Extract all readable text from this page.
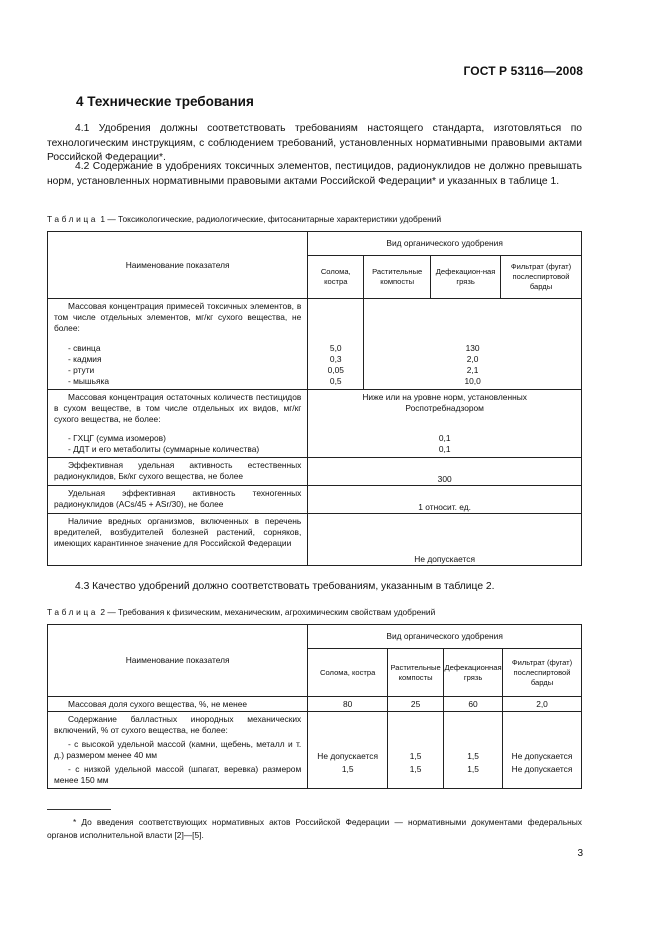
ГОСТ Р 53116—2008
4 Технические требования
4.1 Удобрения должны соответствовать требованиям настоящего стандарта, изготовляться по технологическим инструкциям, с соблюдением требований, установленных нормативными правовыми актами Российской Федерации*.
4.2 Содержание в удобрениях токсичных элементов, пестицидов, радионуклидов не должно превышать норм, установленных нормативными правовыми актами Российской Федерации* и указанных в таблице 1.
Таблица 1 — Токсикологические, радиологические, фитосанитарные характеристики удобрений
Наименование показателя	Вид органического удобрения			
	Солома, костра	Растительные компосты	Дефекацион-ная грязь	Фильтрат (фугат) послеспиртовой барды
Массовая концентрация примесей токсичных элементов, в том числе отдельных элементов, мг/кг сухого вещества, не более:				
- свинца	5,0	130		
- кадмия	0,3	2,0		
- ртути	0,05	2,1		
- мышьяка	0,5	10,0		
Массовая концентрация остаточных количеств пестицидов в сухом веществе, в том числе отдельных их видов, мг/кг сухого вещества, не более:	Ниже или на уровне норм, установленных Роспотребнадзором			
- ГХЦГ (сумма изомеров)	0,1			
- ДДТ и его метаболиты (суммарные количества)	0,1			
Эффективная удельная активность естественных радионуклидов, Бк/кг сухого вещества, не более	300			
Удельная эффективная активность техногенных радионуклидов (ACs/45 + ASr/30), не более	1 относит. ед.			
Наличие вредных организмов, включенных в перечень вредителей, возбудителей болезней растений, сорняков, имеющих карантинное значение для Российской Федерации	Не допускается			
4.3 Качество удобрений должно соответствовать требованиям, указанным в таблице 2.
Таблица 2 — Требования к физическим, механическим, агрохимическим свойствам удобрений
Наименование показателя	Вид органического удобрения			
	Солома, костра	Растительные компосты	Дефекационная грязь	Фильтрат (фугат) послеспиртовой барды
Массовая доля сухого вещества, %, не менее	80	25	60	2,0
Содержание балластных инородных механических включений, % от сухого вещества, не более:				
- с высокой удельной массой (камни, щебень, металл и т. д.) размером менее 40 мм	Не допускается	1,5	1,5	Не допускается
- с низкой удельной массой (шпагат, веревка) размером менее 150 мм	1,5	1,5	1,5	Не допускается
* До введения соответствующих нормативных актов Российской Федерации — нормативными документами федеральных органов исполнительной власти [2]—[5].
3
